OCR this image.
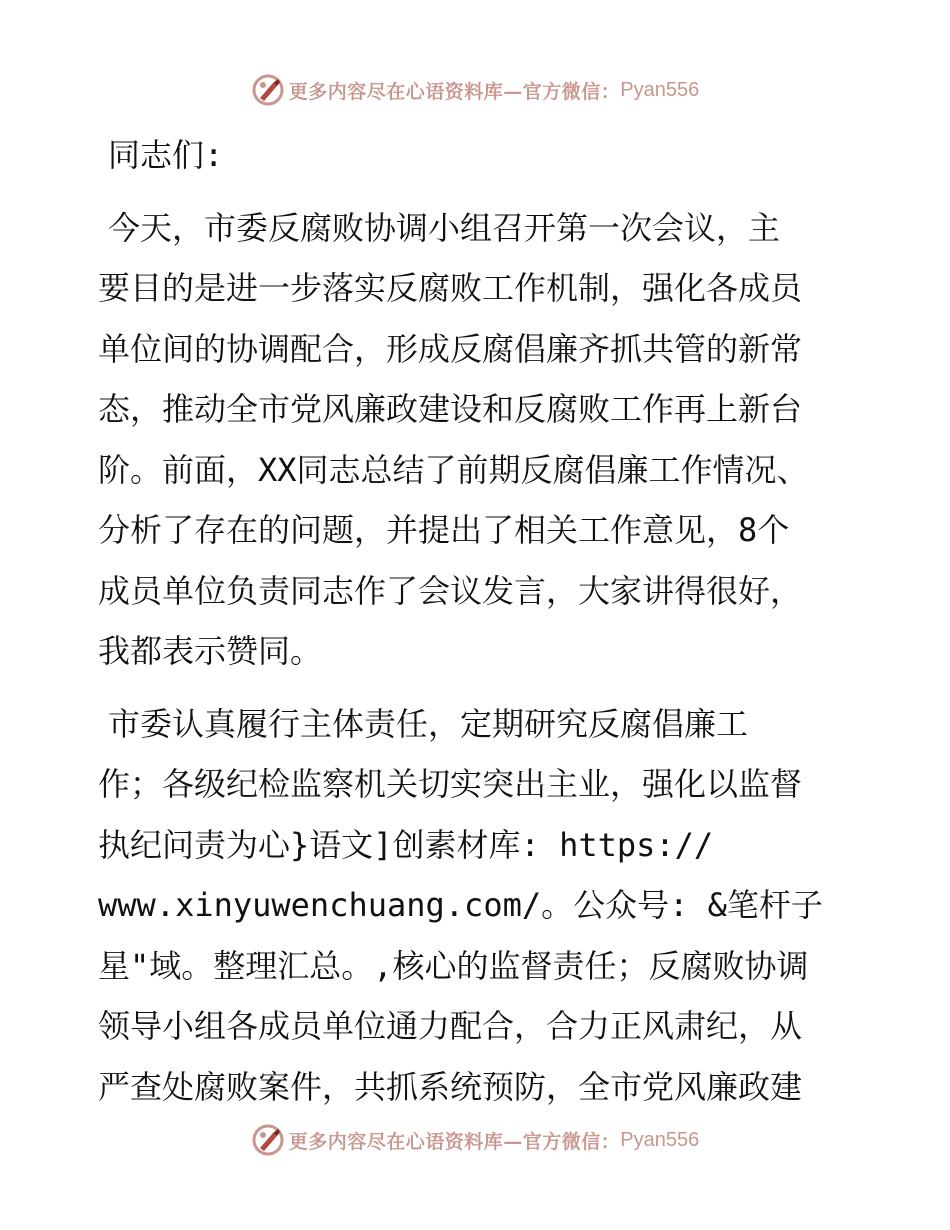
更多内容尽在心语资料库—官方微信： Pyan556
同志们:
今天，市委反腐败协调小组召开第一次会议，主
要目的是进一步落实反腐败工作机制，强化各成员
单位间的协调配合，形成反腐倡廉齐抓共管的新常
态，推动全市党风廉政建设和反腐败工作再上新台
阶。前面，XX同志总结了前期反腐倡廉工作情况、
分析了存在的问题，并提出了相关工作意见，8个
成员单位负责同志作了会议发言，大家讲得很好，
我都表示赞同。
市委认真履行主体责任，定期研究反腐倡廉工
作；各级纪检监察机关切实突出主业，强化以监督
执纪问责为心}语文]创素材库: https://
www.xinyuwenchuang.com/。公众号: &笔杆子
星"域。整理汇总。,核心的监督责任；反腐败协调
领导小组各成员单位通力配合，合力正风肃纪，从
严查处腐败案件，共抓系统预防，全市党风廉政建
更多内容尽在心语资料库—官方微信： Pyan556
